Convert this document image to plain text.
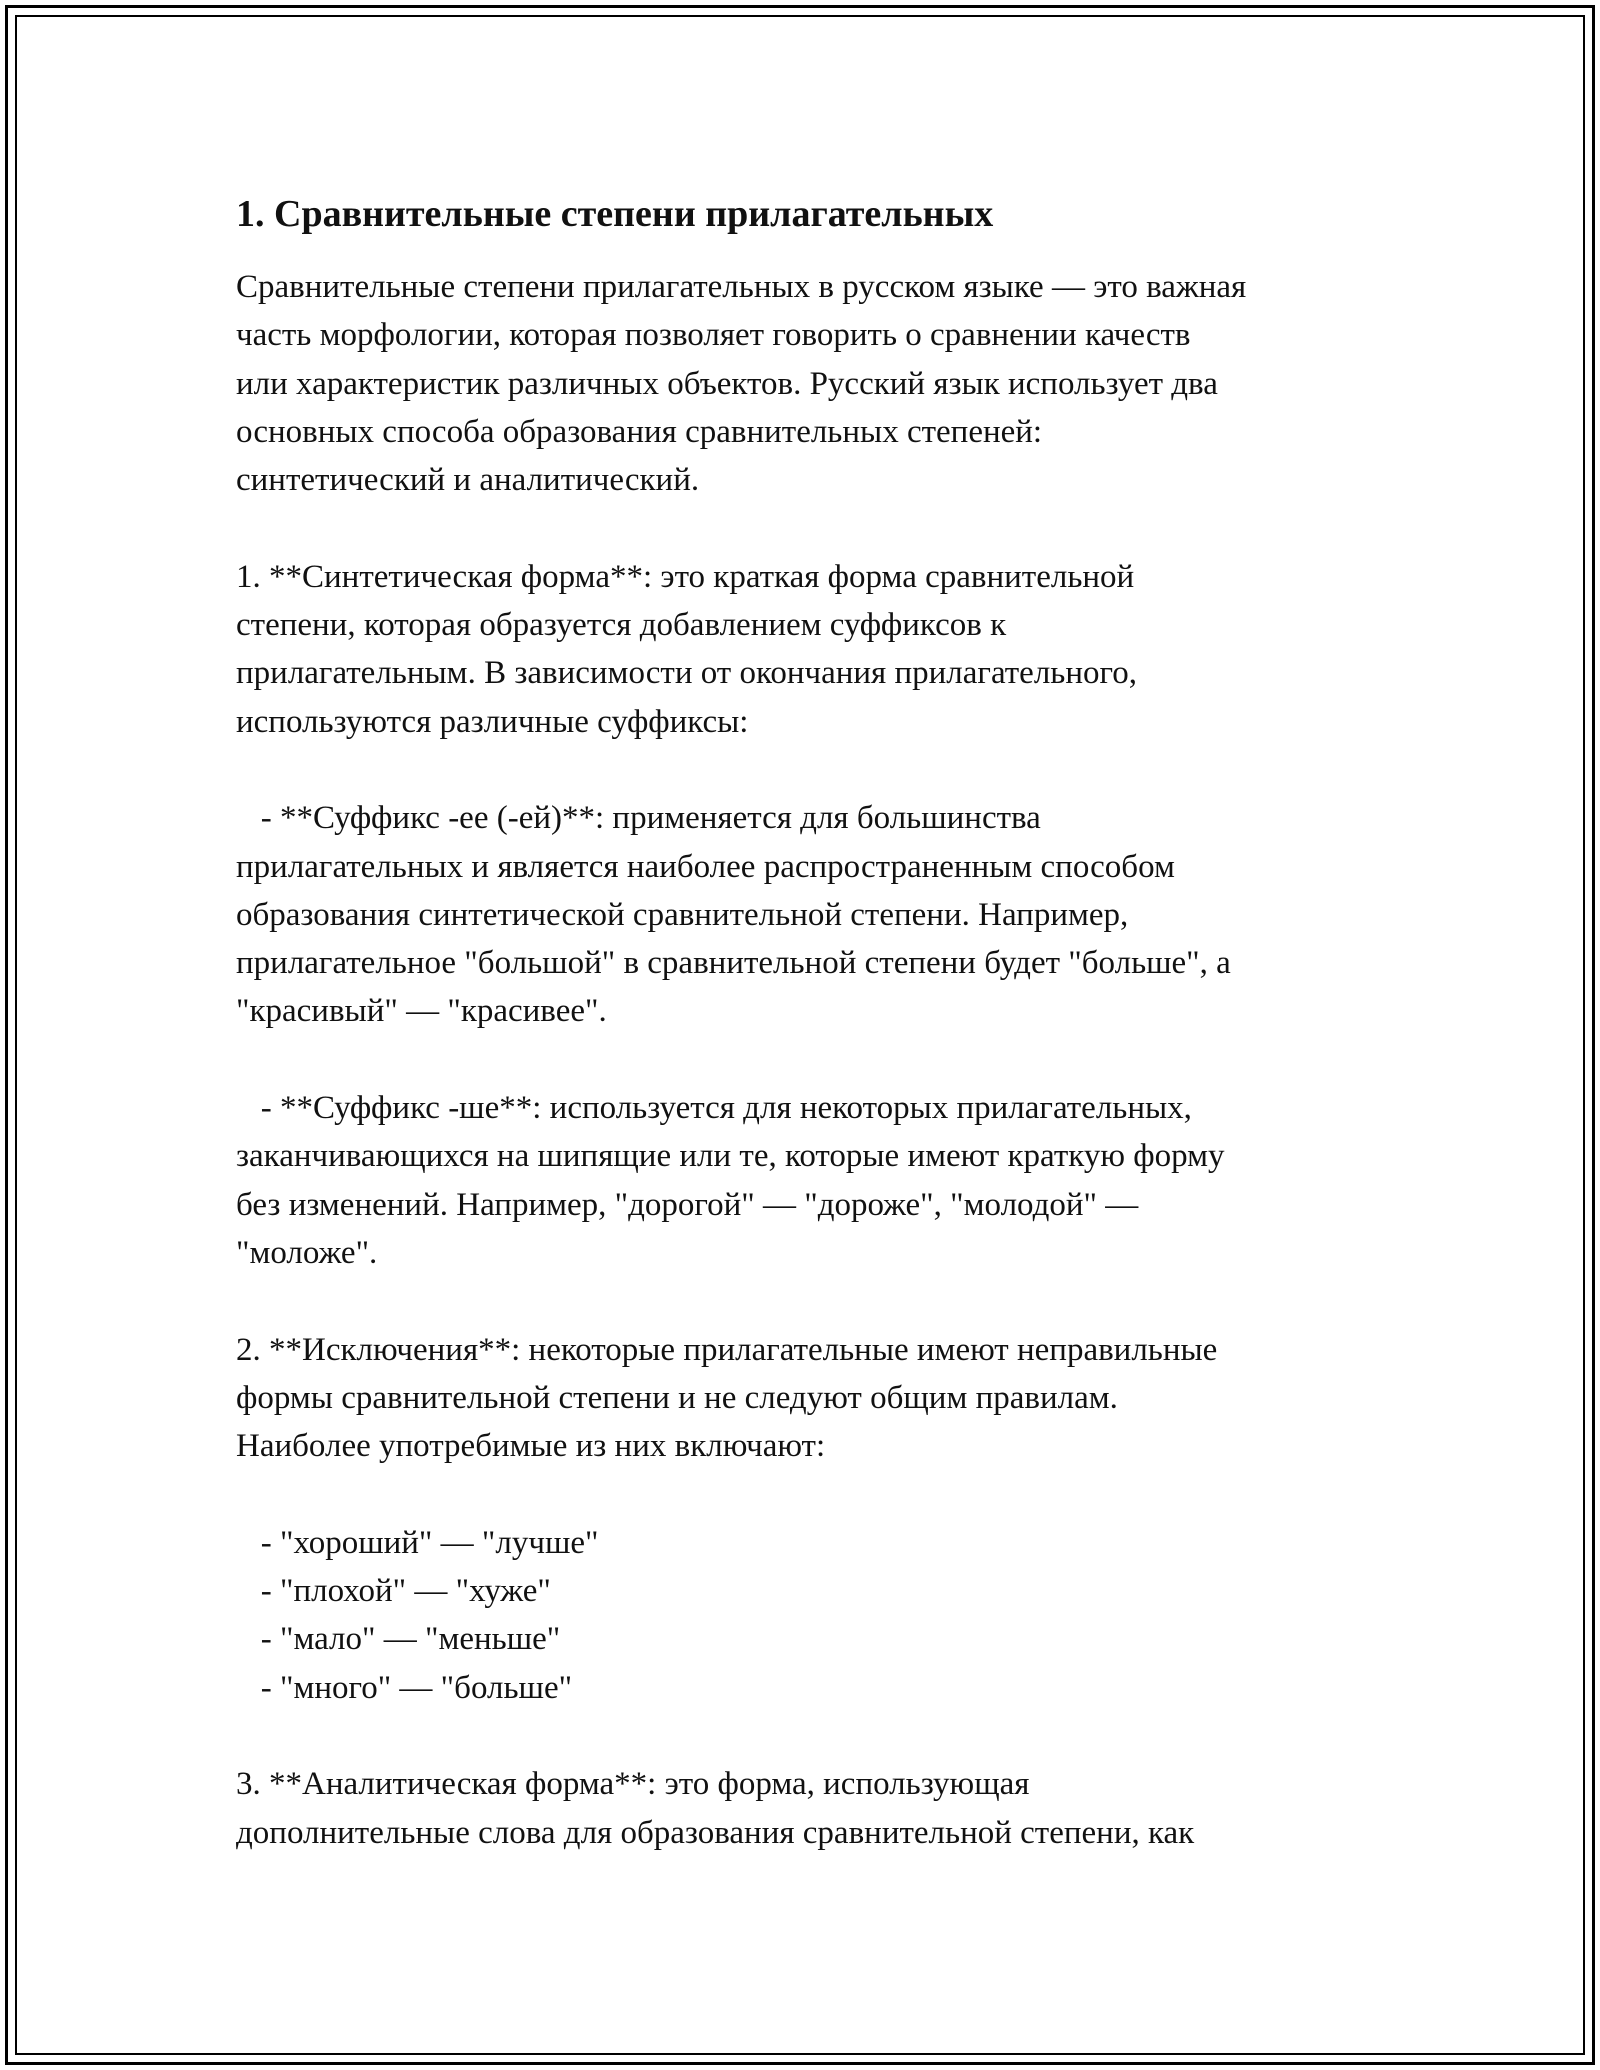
1. Сравнительные степени прилагательных
Сравнительные степени прилагательных в русском языке — это важная
часть морфологии, которая позволяет говорить о сравнении качеств
или характеристик различных объектов. Русский язык использует два
основных способа образования сравнительных степеней:
синтетический и аналитический.
1. **Синтетическая форма**: это краткая форма сравнительной
степени, которая образуется добавлением суффиксов к
прилагательным. В зависимости от окончания прилагательного,
используются различные суффиксы:
- **Суффикс -ее (-ей)**: применяется для большинства
прилагательных и является наиболее распространенным способом
образования синтетической сравнительной степени. Например,
прилагательное "большой" в сравнительной степени будет "больше", а
"красивый" — "красивее".
- **Суффикс -ше**: используется для некоторых прилагательных,
заканчивающихся на шипящие или те, которые имеют краткую форму
без изменений. Например, "дорогой" — "дороже", "молодой" —
"моложе".
2. **Исключения**: некоторые прилагательные имеют неправильные
формы сравнительной степени и не следуют общим правилам.
Наиболее употребимые из них включают:
- "хороший" — "лучше"
- "плохой" — "хуже"
- "мало" — "меньше"
- "много" — "больше"
3. **Аналитическая форма**: это форма, использующая
дополнительные слова для образования сравнительной степени, как
